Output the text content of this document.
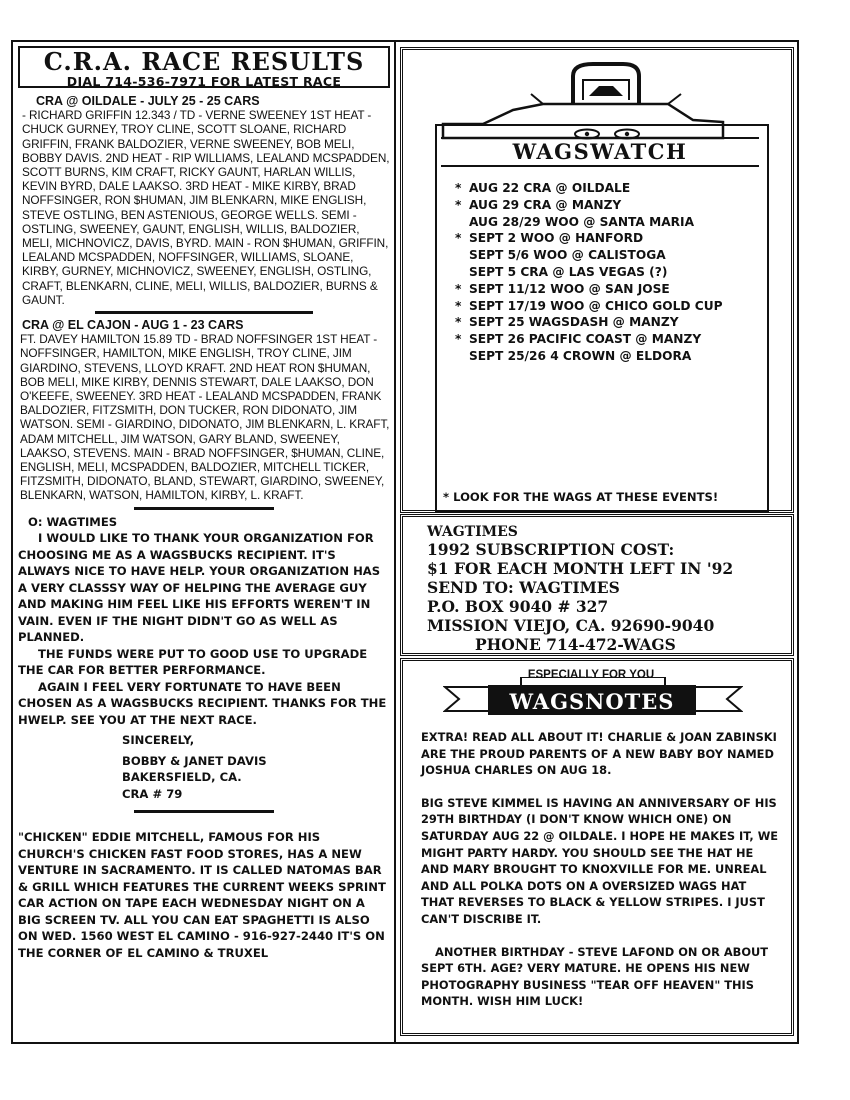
C.R.A. RACE RESULTS
DIAL 714-536-7971 FOR LATEST RACE

CRA @ OILDALE - JULY 25 - 25 CARS

- RICHARD GRIFFIN 12.343 / TD - VERNE SWEENEY 1ST HEAT - CHUCK GURNEY, TROY CLINE, SCOTT SLOANE, RICHARD GRIFFIN, FRANK BALDOZIER, VERNE SWEENEY, BOB MELI, BOBBY DAVIS. 2ND HEAT - RIP WILLIAMS, LEALAND MCSPADDEN, SCOTT BURNS, KIM CRAFT, RICKY GAUNT, HARLAN WILLIS, KEVIN BYRD, DALE LAAKSO. 3RD HEAT - MIKE KIRBY, BRAD NOFFSINGER, RON $HUMAN, JIM BLENKARN, MIKE ENGLISH, STEVE OSTLING, BEN ASTENIOUS, GEORGE WELLS. SEMI - OSTLING, SWEENEY, GAUNT, ENGLISH, WILLIS, BALDOZIER, MELI, MICHNOVICZ, DAVIS, BYRD. MAIN - RON $HUMAN, GRIFFIN, LEALAND MCSPADDEN, NOFFSINGER, WILLIAMS, SLOANE, KIRBY, GURNEY, MICHNOVICZ, SWEENEY, ENGLISH, OSTLING, CRAFT, BLENKARN, CLINE, MELI, WILLIS, BALDOZIER, BURNS & GAUNT.

CRA @ EL CAJON - AUG 1 - 23 CARS

FT. DAVEY HAMILTON 15.89 TD - BRAD NOFFSINGER 1ST HEAT - NOFFSINGER, HAMILTON, MIKE ENGLISH, TROY CLINE, JIM GIARDINO, STEVENS, LLOYD KRAFT. 2ND HEAT RON $HUMAN, BOB MELI, MIKE KIRBY, DENNIS STEWART, DALE LAAKSO, DON O'KEEFE, SWEENEY. 3RD HEAT - LEALAND MCSPADDEN, FRANK BALDOZIER, FITZSMITH, DON TUCKER, RON DIDONATO, JIM WATSON. SEMI - GIARDINO, DIDONATO, JIM BLENKARN, L. KRAFT, ADAM MITCHELL, JIM WATSON, GARY BLAND, SWEENEY, LAAKSO, STEVENS. MAIN - BRAD NOFFSINGER, $HUMAN, CLINE, ENGLISH, MELI, MCSPADDEN, BALDOZIER, MITCHELL TICKER, FITZSMITH, DIDONATO, BLAND, STEWART, GIARDINO, SWEENEY, BLENKARN, WATSON, HAMILTON, KIRBY, L. KRAFT.

O: WAGTIMES

I WOULD LIKE TO THANK YOUR ORGANIZATION FOR CHOOSING ME AS A WAGSBUCKS RECIPIENT. IT'S ALWAYS NICE TO HAVE HELP. YOUR ORGANIZATION HAS A VERY CLASSSY WAY OF HELPING THE AVERAGE GUY AND MAKING HIM FEEL LIKE HIS EFFORTS WEREN'T IN VAIN. EVEN IF THE NIGHT DIDN'T GO AS WELL AS PLANNED.

THE FUNDS WERE PUT TO GOOD USE TO UPGRADE THE CAR FOR BETTER PERFORMANCE.

AGAIN I FEEL VERY FORTUNATE TO HAVE BEEN CHOSEN AS A WAGSBUCKS RECIPIENT. THANKS FOR THE HWELP. SEE YOU AT THE NEXT RACE.

SINCERELY,

BOBBY & JANET DAVIS

BAKERSFIELD, CA.

CRA # 79

"CHICKEN" EDDIE MITCHELL, FAMOUS FOR HIS CHURCH'S CHICKEN FAST FOOD STORES, HAS A NEW VENTURE IN SACRAMENTO. IT IS CALLED NATOMAS BAR & GRILL WHICH FEATURES THE CURRENT WEEKS SPRINT CAR ACTION ON TAPE EACH WEDNESDAY NIGHT ON A BIG SCREEN TV. ALL YOU CAN EAT SPAGHETTI IS ALSO ON WED. 1560 WEST EL CAMINO - 916-927-2440 IT'S ON THE CORNER OF EL CAMINO & TRUXEL

WAGSWATCH
* AUG 22 CRA @ OILDALE
* AUG 29 CRA @ MANZY
AUG 28/29 WOO @ SANTA MARIA
* SEPT 2 WOO @ HANFORD
SEPT 5/6 WOO @ CALISTOGA
SEPT 5 CRA @ LAS VEGAS (?)
* SEPT 11/12 WOO @ SAN JOSE
* SEPT 17/19 WOO @ CHICO GOLD CUP
* SEPT 25 WAGSDASH @ MANZY
* SEPT 26 PACIFIC COAST @ MANZY
SEPT 25/26 4 CROWN @ ELDORA
* LOOK FOR THE WAGS AT THESE EVENTS!
WAGTIMES
1992 SUBSCRIPTION COST:
$1 FOR EACH MONTH LEFT IN '92
SEND TO: WAGTIMES
P.O. BOX 9040 # 327
MISSION VIEJO, CA. 92690-9040
PHONE 714-472-WAGS
ESPECIALLY FOR YOU
WAGSNOTES

EXTRA! READ ALL ABOUT IT! CHARLIE & JOAN ZABINSKI ARE THE PROUD PARENTS OF A NEW BABY BOY NAMED JOSHUA CHARLES ON AUG 18.

BIG STEVE KIMMEL IS HAVING AN ANNIVERSARY OF HIS 29TH BIRTHDAY (I DON'T KNOW WHICH ONE) ON SATURDAY AUG 22 @ OILDALE. I HOPE HE MAKES IT, WE MIGHT PARTY HARDY. YOU SHOULD SEE THE HAT HE AND MARY BROUGHT TO KNOXVILLE FOR ME. UNREAL AND ALL POLKA DOTS ON A OVERSIZED WAGS HAT THAT REVERSES TO BLACK & YELLOW STRIPES. I JUST CAN'T DISCRIBE IT.

ANOTHER BIRTHDAY - STEVE LAFOND ON OR ABOUT SEPT 6TH. AGE? VERY MATURE. HE OPENS HIS NEW PHOTOGRAPHY BUSINESS "TEAR OFF HEAVEN" THIS MONTH. WISH HIM LUCK!
